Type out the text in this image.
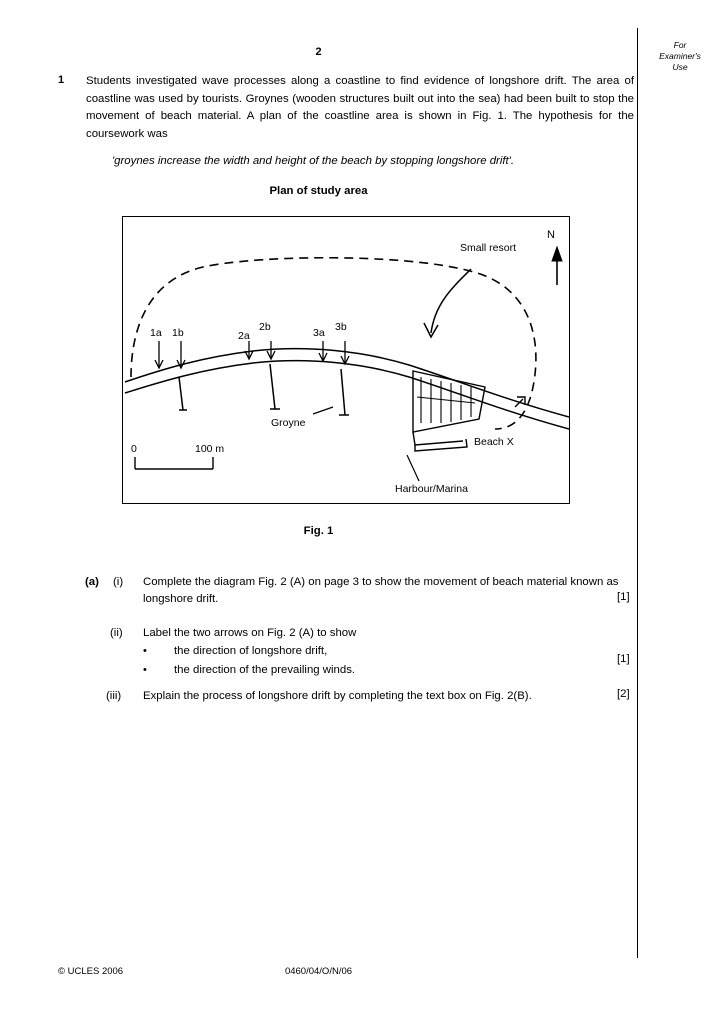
For
Examiner's
Use
2
1 Students investigated wave processes along a coastline to find evidence of longshore drift. The area of coastline was used by tourists. Groynes (wooden structures built out into the sea) had been built to stop the movement of beach material. A plan of the coastline area is shown in Fig. 1. The hypothesis for the coursework was
'groynes increase the width and height of the beach by stopping longshore drift'.
Plan of study area
N
Small resort
1a 1b	2a
2b	3a 3b
Groyne
Beach X
Harbour/Marina
0	100 m
Fig. 1
(a) (i) Complete the diagram Fig. 2 (A) on page 3 to show the movement of beach material known as longshore drift.	[1]
(ii) Label the two arrows on Fig. 2 (A) to show
• the direction of longshore drift,
• the direction of the prevailing winds.
[1]
(iii) Explain the process of longshore drift by completing the text box on Fig. 2(B).	[2]
© UCLES 2006	0460/04/O/N/06
